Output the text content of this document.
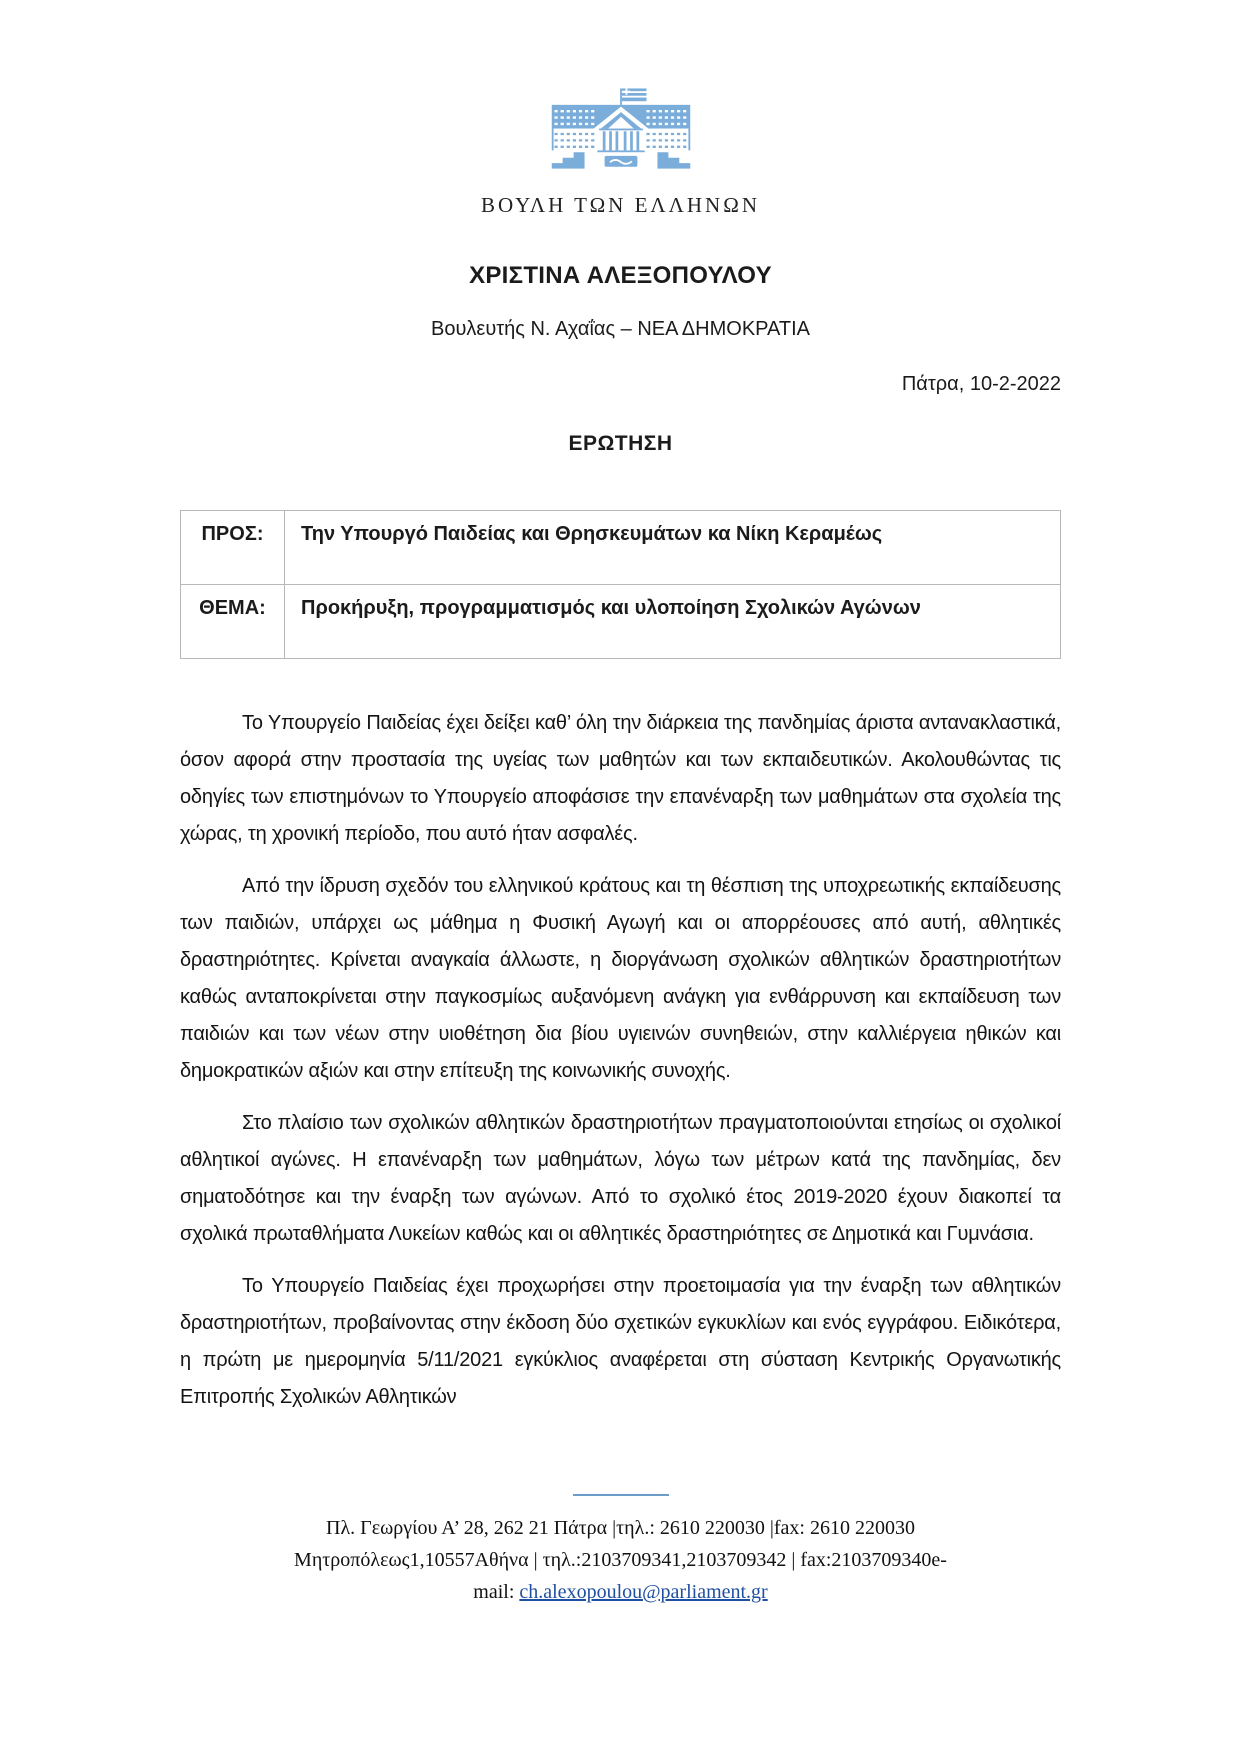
ΒΟΥΛΗ ΤΩΝ ΕΛΛΗΝΩΝ
ΧΡΙΣΤΙΝΑ ΑΛΕΞΟΠΟΥΛΟΥ
Βουλευτής Ν. Αχαΐας – ΝΕΑ ΔΗΜΟΚΡΑΤΙΑ
Πάτρα, 10-2-2022
ΕΡΩΤΗΣΗ
ΠΡΟΣ:	Την Υπουργό Παιδείας και Θρησκευμάτων κα Νίκη Κεραμέως
ΘΕΜΑ:	Προκήρυξη, προγραμματισμός και υλοποίηση Σχολικών Αγώνων

Το Υπουργείο Παιδείας έχει δείξει καθ’ όλη την διάρκεια της πανδημίας άριστα αντανακλαστικά, όσον αφορά στην προστασία της υγείας των μαθητών και των εκπαιδευτικών. Ακολουθώντας τις οδηγίες των επιστημόνων το Υπουργείο αποφάσισε την επανέναρξη των μαθημάτων στα σχολεία της χώρας, τη χρονική περίοδο, που αυτό ήταν ασφαλές.

Από την ίδρυση σχεδόν του ελληνικού κράτους και τη θέσπιση της υποχρεωτικής εκπαίδευσης των παιδιών, υπάρχει ως μάθημα η Φυσική Αγωγή και οι απορρέουσες από αυτή, αθλητικές δραστηριότητες. Κρίνεται αναγκαία άλλωστε, η διοργάνωση σχολικών αθλητικών δραστηριοτήτων καθώς ανταποκρίνεται στην παγκοσμίως αυξανόμενη ανάγκη για ενθάρρυνση και εκπαίδευση των παιδιών και των νέων στην υιοθέτηση δια βίου υγιεινών συνηθειών, στην καλλιέργεια ηθικών και δημοκρατικών αξιών και στην επίτευξη της κοινωνικής συνοχής.

Στο πλαίσιο των σχολικών αθλητικών δραστηριοτήτων πραγματοποιούνται ετησίως οι σχολικοί αθλητικοί αγώνες. Η επανέναρξη των μαθημάτων, λόγω των μέτρων κατά της πανδημίας, δεν σηματοδότησε και την έναρξη των αγώνων. Από το σχολικό έτος 2019-2020 έχουν διακοπεί τα σχολικά πρωταθλήματα Λυκείων καθώς και οι αθλητικές δραστηριότητες σε Δημοτικά και Γυμνάσια.

Το Υπουργείο Παιδείας έχει προχωρήσει στην προετοιμασία για την έναρξη των αθλητικών δραστηριοτήτων, προβαίνοντας στην έκδοση δύο σχετικών εγκυκλίων και ενός εγγράφου. Ειδικότερα, η πρώτη με ημερομηνία 5/11/2021 εγκύκλιος αναφέρεται στη σύσταση Κεντρικής Οργανωτικής Επιτροπής Σχολικών Αθλητικών

Πλ. Γεωργίου Α’ 28, 262 21 Πάτρα |τηλ.: 2610 220030 |fax: 2610 220030
Μητροπόλεως1,10557Αθήνα | τηλ.:2103709341,2103709342 | fax:2103709340e-
mail: ch.alexopoulou@parliament.gr
